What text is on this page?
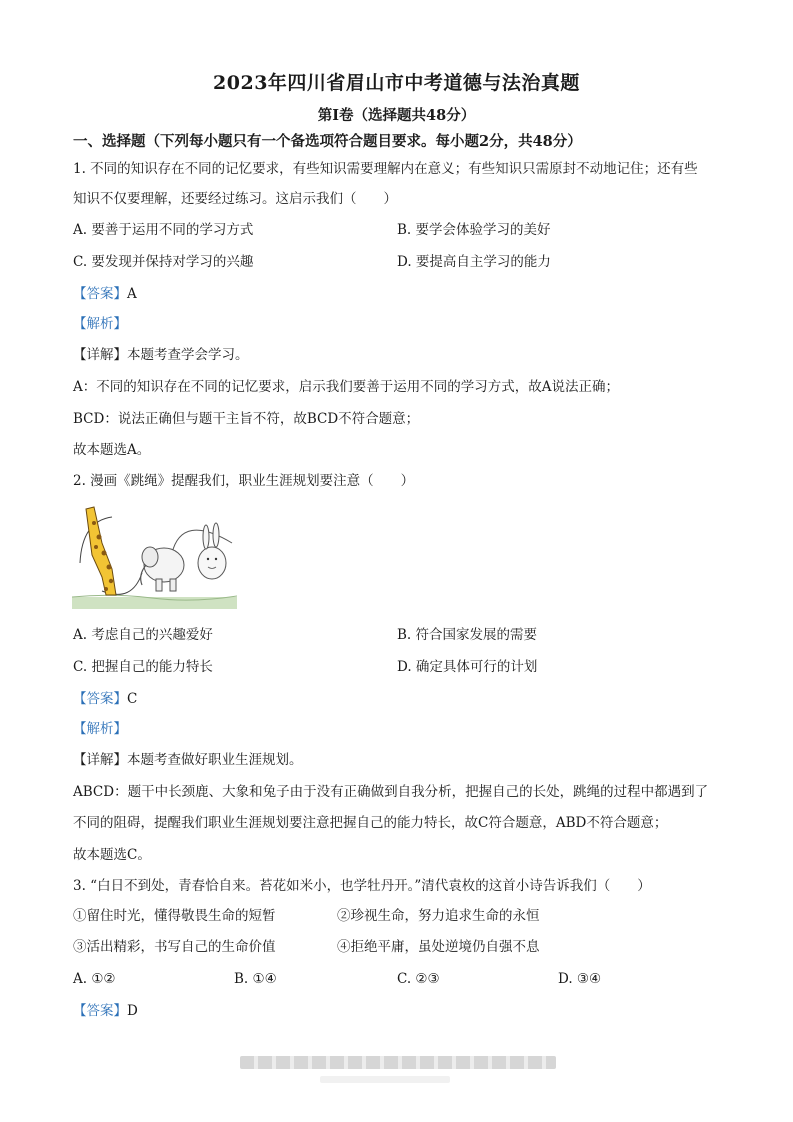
2023年四川省眉山市中考道德与法治真题
第Ⅰ卷（选择题共48分）
一、选择题（下列每小题只有一个备选项符合题目要求。每小题2分，共48分）
1. 不同的知识存在不同的记忆要求，有些知识需要理解内在意义；有些知识只需原封不动地记住；还有些
知识不仅要理解，还要经过练习。这启示我们（　　）
A. 要善于运用不同的学习方式	B. 要学会体验学习的美好
C. 要发现并保持对学习的兴趣	D. 要提高自主学习的能力
【答案】A
【解析】
【详解】本题考查学会学习。
A：不同的知识存在不同的记忆要求，启示我们要善于运用不同的学习方式，故A说法正确；
BCD：说法正确但与题干主旨不符，故BCD不符合题意；
故本题选A。
2. 漫画《跳绳》提醒我们，职业生涯规划要注意（　　）
A. 考虑自己的兴趣爱好	B. 符合国家发展的需要
C. 把握自己的能力特长	D. 确定具体可行的计划
【答案】C
【解析】
【详解】本题考查做好职业生涯规划。
ABCD：题干中长颈鹿、大象和兔子由于没有正确做到自我分析，把握自己的长处，跳绳的过程中都遇到了
不同的阻碍，提醒我们职业生涯规划要注意把握自己的能力特长，故C符合题意，ABD不符合题意；
故本题选C。
3. “白日不到处，青春恰自来。苔花如米小，也学牡丹开。”清代袁枚的这首小诗告诉我们（　　）
①留住时光，懂得敬畏生命的短暂	②珍视生命，努力追求生命的永恒
③活出精彩，书写自己的生命价值	④拒绝平庸，虽处逆境仍自强不息
A. ①②	B. ①④	C. ②③	D. ③④
【答案】D
